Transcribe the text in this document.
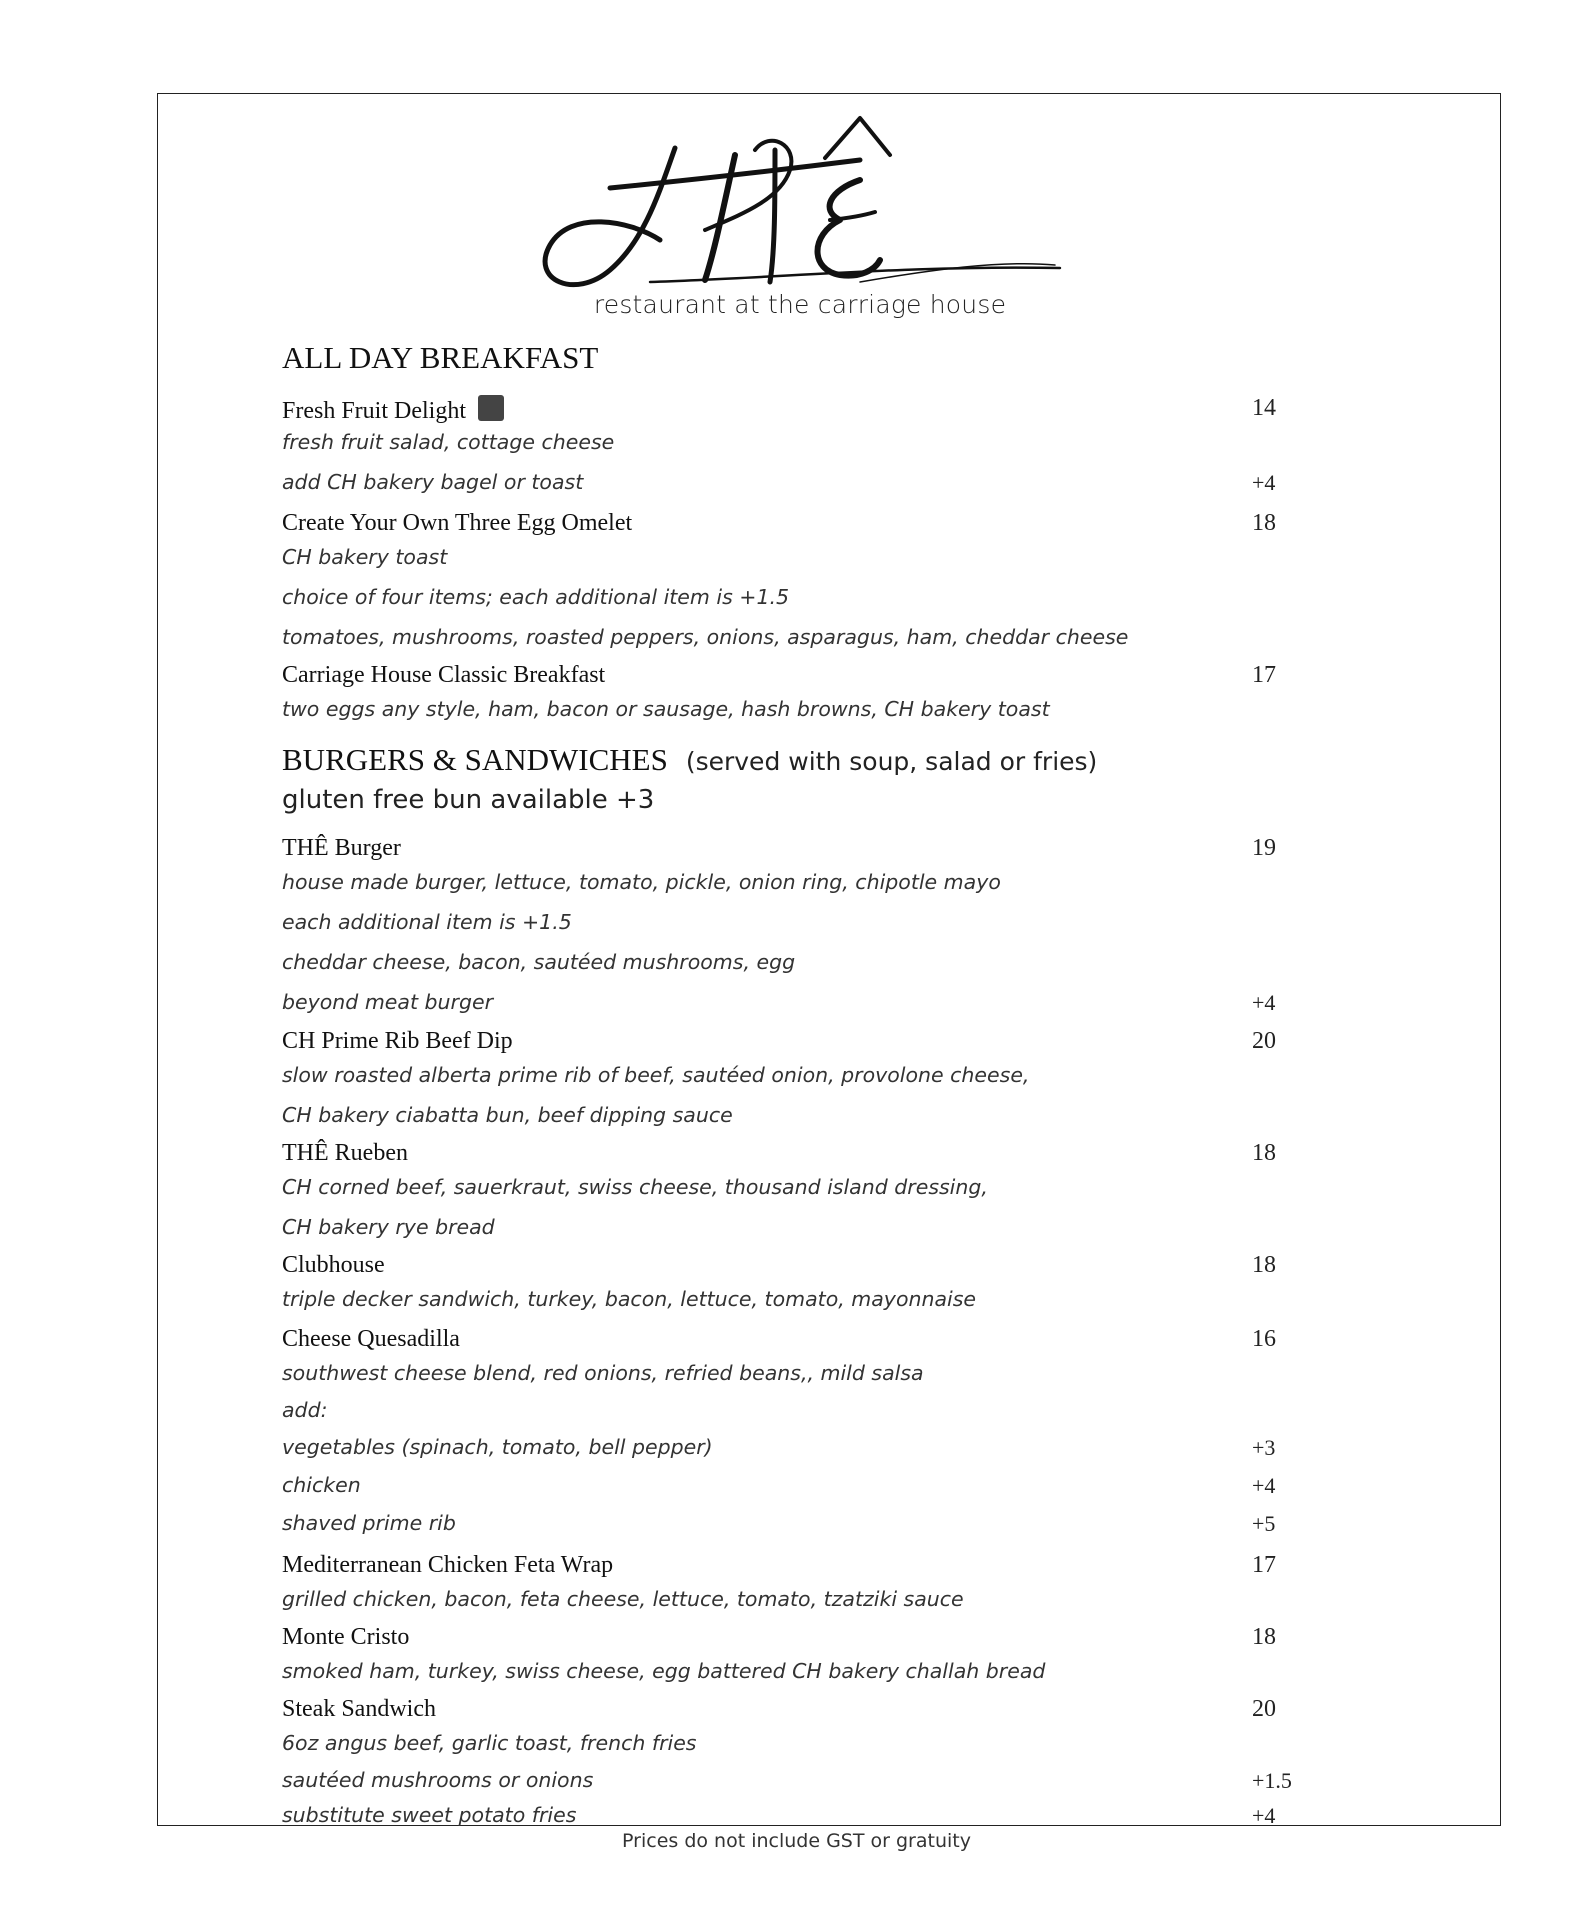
restaurant at the carriage house
ALL DAY BREAKFAST
Fresh Fruit Delight	14
fresh fruit salad, cottage cheese
add CH bakery bagel or toast	+4
Create Your Own Three Egg Omelet	18
CH bakery toast
choice of four items; each additional item is +1.5
tomatoes, mushrooms, roasted peppers, onions, asparagus, ham, cheddar cheese
Carriage House Classic Breakfast	17
two eggs any style, ham, bacon or sausage, hash browns, CH bakery toast
BURGERS & SANDWICHES (served with soup, salad or fries)
gluten free bun available +3
THÊ Burger	19
house made burger, lettuce, tomato, pickle, onion ring, chipotle mayo
each additional item is +1.5
cheddar cheese, bacon, sautéed mushrooms, egg
beyond meat burger	+4
CH Prime Rib Beef Dip	20
slow roasted alberta prime rib of beef, sautéed onion, provolone cheese,
CH bakery ciabatta bun, beef dipping sauce
THÊ Rueben	18
CH corned beef, sauerkraut, swiss cheese, thousand island dressing,
CH bakery rye bread
Clubhouse	18
triple decker sandwich, turkey, bacon, lettuce, tomato, mayonnaise
Cheese Quesadilla	16
southwest cheese blend, red onions, refried beans,, mild salsa
add:
vegetables (spinach, tomato, bell pepper)	+3
chicken	+4
shaved prime rib	+5
Mediterranean Chicken Feta Wrap	17
grilled chicken, bacon, feta cheese, lettuce, tomato, tzatziki sauce
Monte Cristo	18
smoked ham, turkey, swiss cheese, egg battered CH bakery challah bread
Steak Sandwich	20
6oz angus beef, garlic toast, french fries
sautéed mushrooms or onions	+1.5
substitute sweet potato fries	+4
Prices do not include GST or gratuity
